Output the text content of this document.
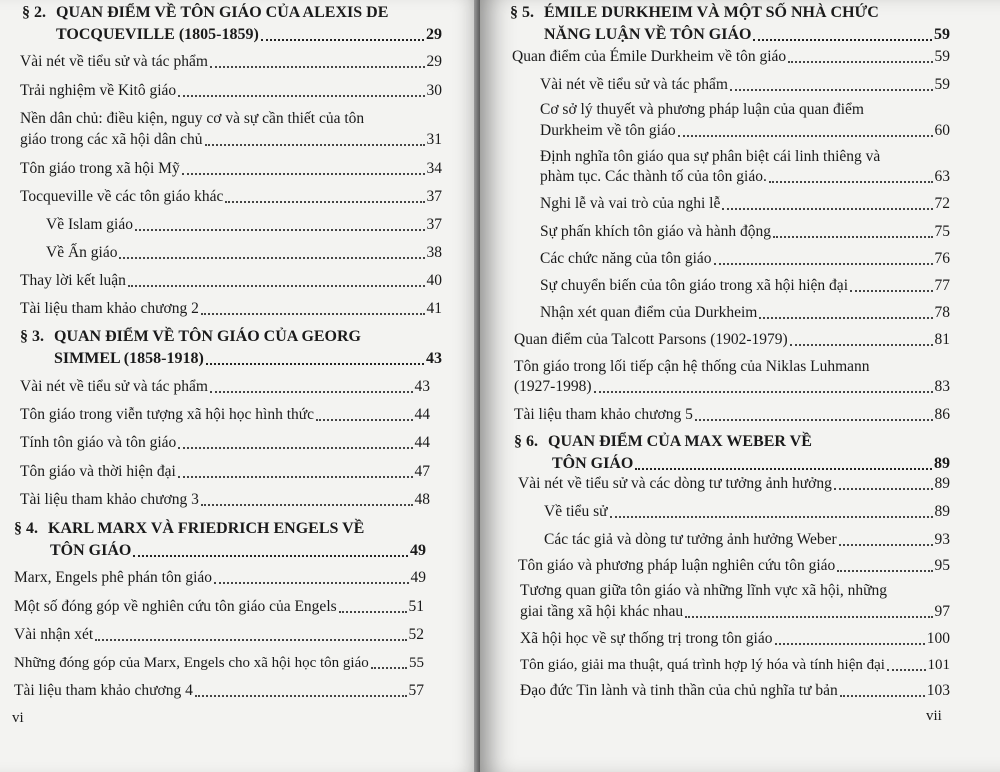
§ 2. QUAN ĐIỂM VỀ TÔN GIÁO CỦA ALEXIS DE
TOCQUEVILLE (1805-1859)	29
Vài nét về tiểu sử và tác phẩm	29
Trải nghiệm về Kitô giáo	30
Nền dân chủ: điều kiện, nguy cơ và sự cần thiết của tôn
giáo trong các xã hội dân chủ	31
Tôn giáo trong xã hội Mỹ	34
Tocqueville về các tôn giáo khác	37
Về Islam giáo	37
Về Ấn giáo	38
Thay lời kết luận	40
Tài liệu tham khảo chương 2	41
§ 3. QUAN ĐIỂM VỀ TÔN GIÁO CỦA GEORG
SIMMEL (1858-1918)	43
Vài nét về tiểu sử và tác phẩm	43
Tôn giáo trong viễn tượng xã hội học hình thức	44
Tính tôn giáo và tôn giáo	44
Tôn giáo và thời hiện đại	47
Tài liệu tham khảo chương 3	48
§ 4. KARL MARX VÀ FRIEDRICH ENGELS VỀ
TÔN GIÁO	49
Marx, Engels phê phán tôn giáo	49
Một số đóng góp về nghiên cứu tôn giáo của Engels	51
Vài nhận xét	52
Những đóng góp của Marx, Engels cho xã hội học tôn giáo	55
Tài liệu tham khảo chương 4	57
vi
§ 5. ÉMILE DURKHEIM VÀ MỘT SỐ NHÀ CHỨC
NĂNG LUẬN VỀ TÔN GIÁO	59
Quan điểm của Émile Durkheim về tôn giáo	59
Vài nét về tiểu sử và tác phẩm	59
Cơ sở lý thuyết và phương pháp luận của quan điểm
Durkheim về tôn giáo	60
Định nghĩa tôn giáo qua sự phân biệt cái linh thiêng và
phàm tục. Các thành tố của tôn giáo.	63
Nghi lễ và vai trò của nghi lễ	72
Sự phấn khích tôn giáo và hành động	75
Các chức năng của tôn giáo	76
Sự chuyển biến của tôn giáo trong xã hội hiện đại	77
Nhận xét quan điểm của Durkheim	78
Quan điểm của Talcott Parsons (1902-1979)	81
Tôn giáo trong lối tiếp cận hệ thống của Niklas Luhmann
(1927-1998)	83
Tài liệu tham khảo chương 5	86
§ 6. QUAN ĐIỂM CỦA MAX WEBER VỀ
TÔN GIÁO	89
Vài nét về tiểu sử và các dòng tư tưởng ảnh hưởng	89
Về tiểu sử	89
Các tác giả và dòng tư tưởng ảnh hưởng Weber	93
Tôn giáo và phương pháp luận nghiên cứu tôn giáo	95
Tương quan giữa tôn giáo và những lĩnh vực xã hội, những
giai tầng xã hội khác nhau	97
Xã hội học về sự thống trị trong tôn giáo	100
Tôn giáo, giải ma thuật, quá trình hợp lý hóa và tính hiện đại	101
Đạo đức Tin lành và tinh thần của chủ nghĩa tư bản	103
vii
